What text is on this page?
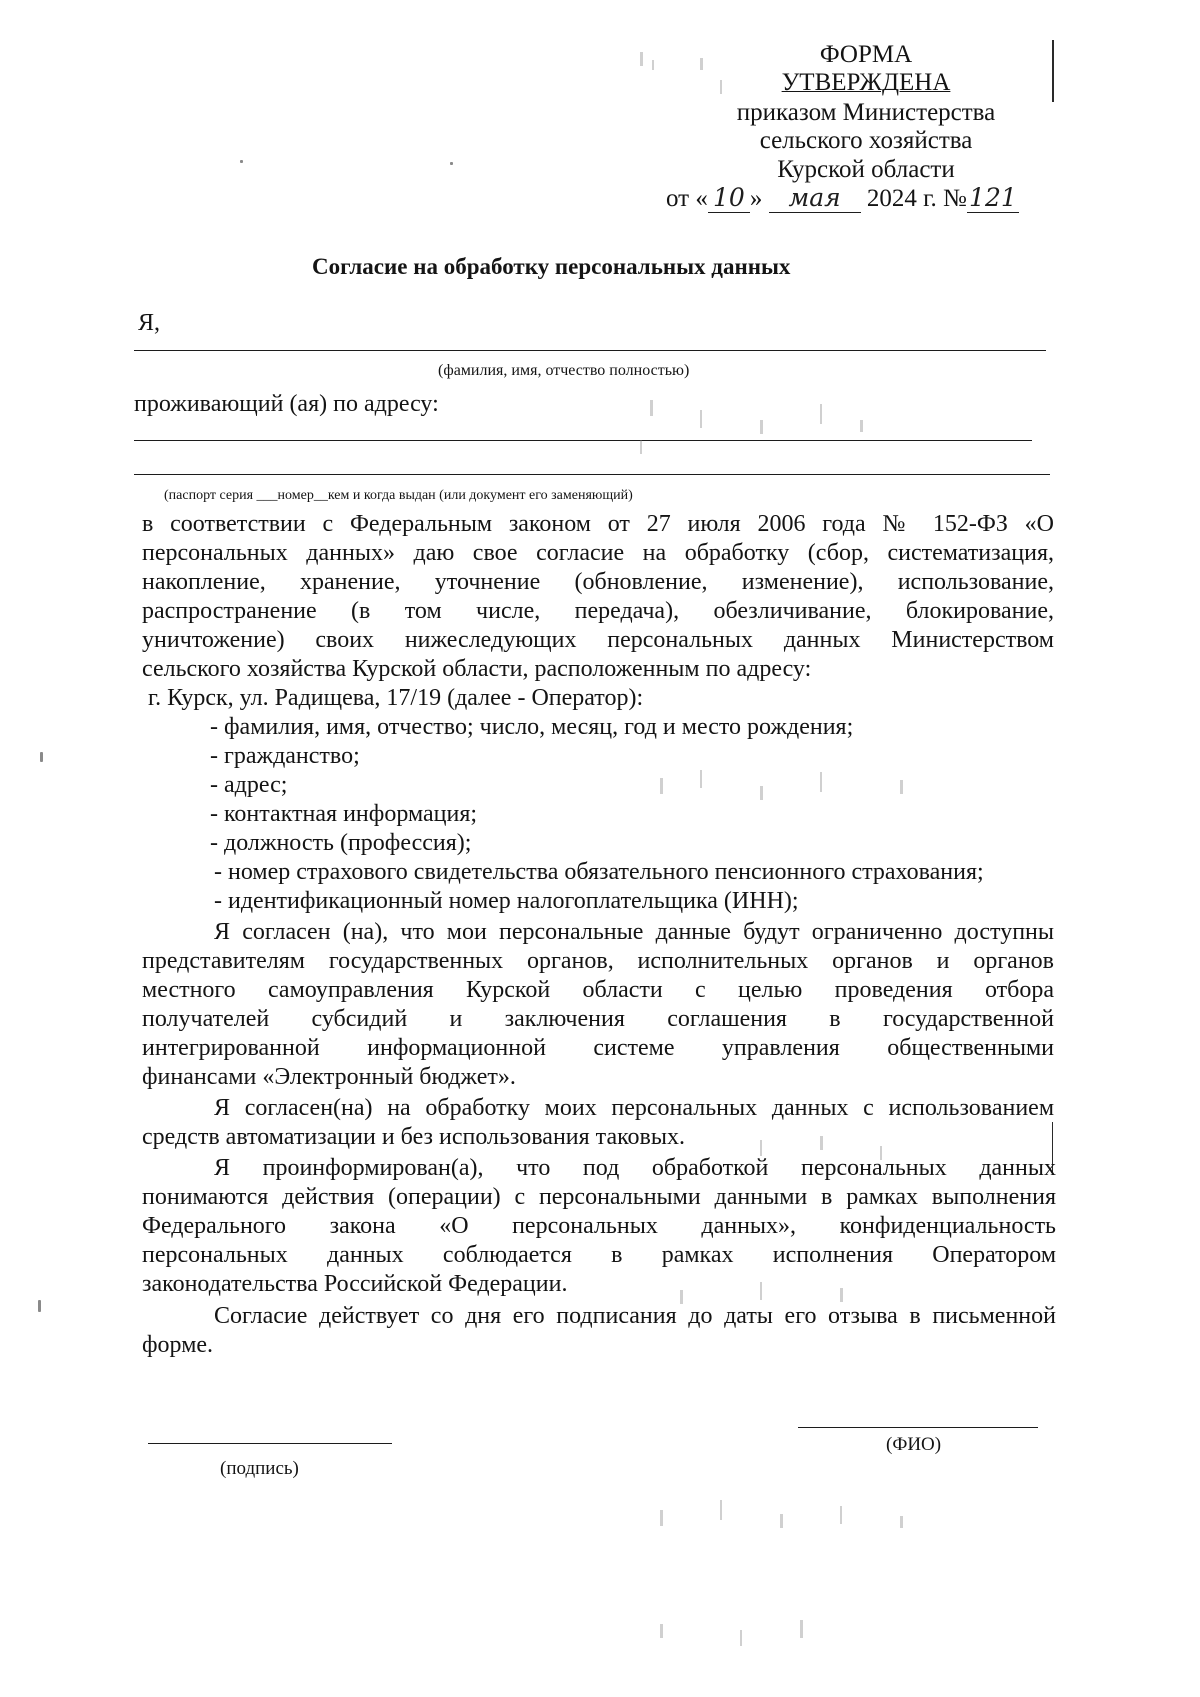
ФОРМА
УТВЕРЖДЕНА
приказом Министерства
сельского хозяйства
Курской области
от « 10 » мая 2024 г. №121
Согласие на обработку персональных данных
Я,
(фамилия, имя, отчество полностью)
проживающий (ая) по адресу:
(паспорт серия ___номер__кем и когда выдан (или документ его заменяющий)
в соответствии с Федеральным законом от 27 июля 2006 года № 152-ФЗ «О
персональных данных» даю свое согласие на обработку (сбор, систематизация,
накопление, хранение, уточнение (обновление, изменение), использование,
распространение (в том числе, передача), обезличивание, блокирование,
уничтожение) своих нижеследующих персональных данных Министерством
сельского хозяйства Курской области, расположенным по адресу:
г. Курск, ул. Радищева, 17/19 (далее - Оператор):
- фамилия, имя, отчество; число, месяц, год и место рождения;
- гражданство;
- адрес;
- контактная информация;
- должность (профессия);
- номер страхового свидетельства обязательного пенсионного страхования;
- идентификационный номер налогоплательщика (ИНН);
Я согласен (на), что мои персональные данные будут ограниченно доступны
представителям государственных органов, исполнительных органов и органов
местного самоуправления Курской области с целью проведения отбора
получателей субсидий и заключения соглашения в государственной
интегрированной информационной системе управления общественными
финансами «Электронный бюджет».
Я согласен(на) на обработку моих персональных данных с использованием
средств автоматизации и без использования таковых.
Я проинформирован(а), что под обработкой персональных данных
понимаются действия (операции) с персональными данными в рамках выполнения
Федерального закона «О персональных данных», конфиденциальность
персональных данных соблюдается в рамках исполнения Оператором
законодательства Российской Федерации.
Согласие действует со дня его подписания до даты его отзыва в письменной
форме.
(подпись)
(ФИО)
